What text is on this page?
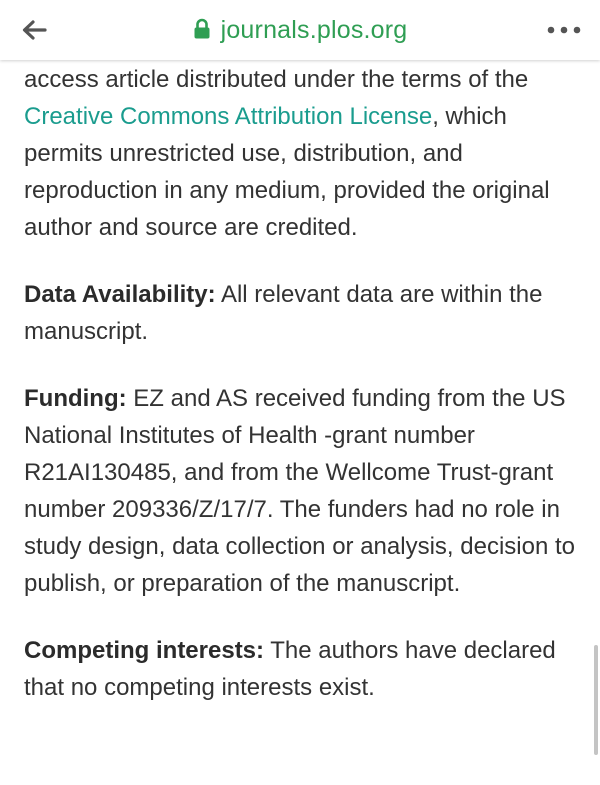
journals.plos.org

access article distributed under the terms of the Creative Commons Attribution License, which permits unrestricted use, distribution, and reproduction in any medium, provided the original author and source are credited.

Data Availability: All relevant data are within the manuscript.

Funding: EZ and AS received funding from the US National Institutes of Health -grant number R21AI130485, and from the Wellcome Trust-grant number 209336/Z/17/7. The funders had no role in study design, data collection or analysis, decision to publish, or preparation of the manuscript.

Competing interests: The authors have declared that no competing interests exist.
